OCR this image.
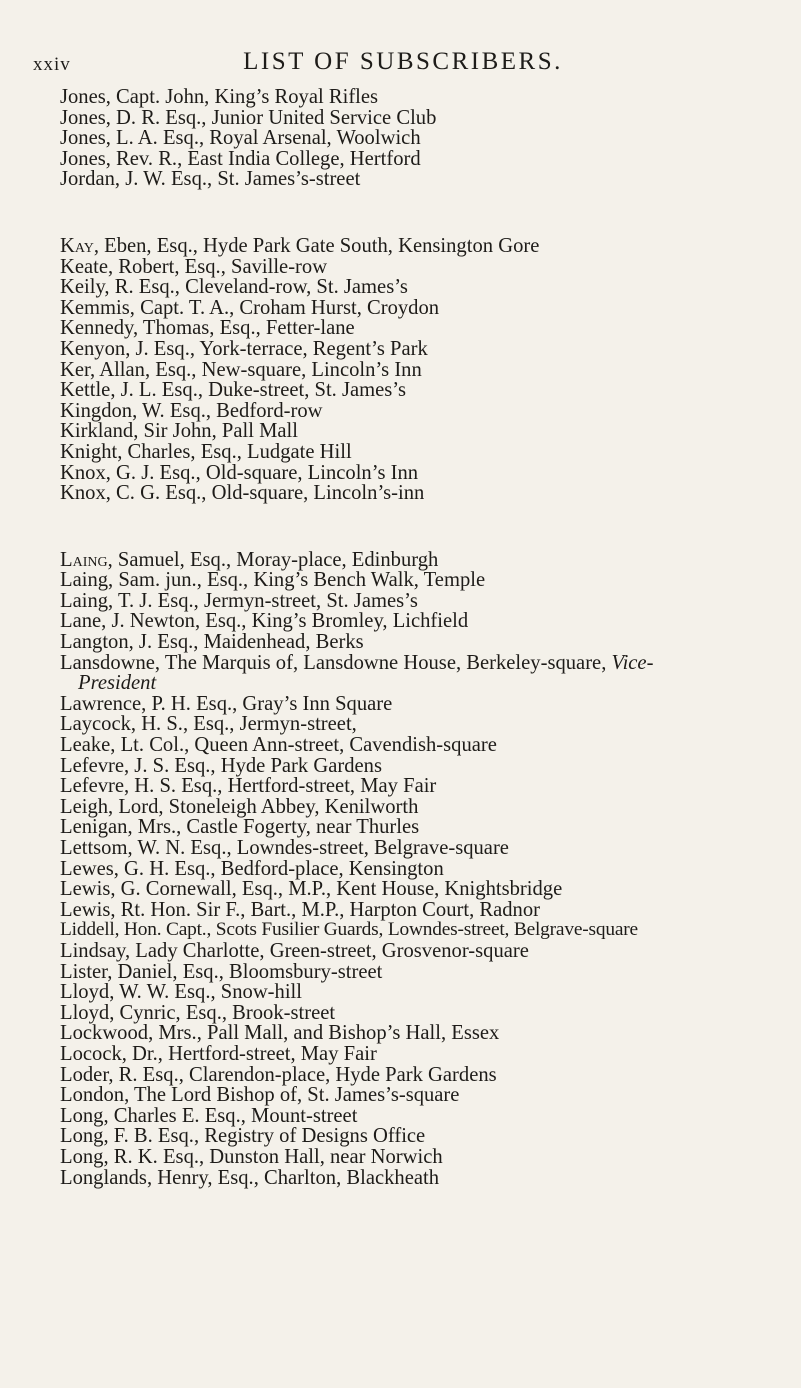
xxiv	LIST OF SUBSCRIBERS.
Jones, Capt. John, King’s Royal Rifles
Jones, D. R. Esq., Junior United Service Club
Jones, L. A. Esq., Royal Arsenal, Woolwich
Jones, Rev. R., East India College, Hertford
Jordan, J. W. Esq., St. James’s-street
Kay, Eben, Esq., Hyde Park Gate South, Kensington Gore
Keate, Robert, Esq., Saville-row
Keily, R. Esq., Cleveland-row, St. James’s
Kemmis, Capt. T. A., Croham Hurst, Croydon
Kennedy, Thomas, Esq., Fetter-lane
Kenyon, J. Esq., York-terrace, Regent’s Park
Ker, Allan, Esq., New-square, Lincoln’s Inn
Kettle, J. L. Esq., Duke-street, St. James’s
Kingdon, W. Esq., Bedford-row
Kirkland, Sir John, Pall Mall
Knight, Charles, Esq., Ludgate Hill
Knox, G. J. Esq., Old-square, Lincoln’s Inn
Knox, C. G. Esq., Old-square, Lincoln’s-inn
Laing, Samuel, Esq., Moray-place, Edinburgh
Laing, Sam. jun., Esq., King’s Bench Walk, Temple
Laing, T. J. Esq., Jermyn-street, St. James’s
Lane, J. Newton, Esq., King’s Bromley, Lichfield
Langton, J. Esq., Maidenhead, Berks
Lansdowne, The Marquis of, Lansdowne House, Berkeley-square, Vice-
President
Lawrence, P. H. Esq., Gray’s Inn Square
Laycock, H. S., Esq., Jermyn-street,
Leake, Lt. Col., Queen Ann-street, Cavendish-square
Lefevre, J. S. Esq., Hyde Park Gardens
Lefevre, H. S. Esq., Hertford-street, May Fair
Leigh, Lord, Stoneleigh Abbey, Kenilworth
Lenigan, Mrs., Castle Fogerty, near Thurles
Lettsom, W. N. Esq., Lowndes-street, Belgrave-square
Lewes, G. H. Esq., Bedford-place, Kensington
Lewis, G. Cornewall, Esq., M.P., Kent House, Knightsbridge
Lewis, Rt. Hon. Sir F., Bart., M.P., Harpton Court, Radnor
Liddell, Hon. Capt., Scots Fusilier Guards, Lowndes-street, Belgrave-square
Lindsay, Lady Charlotte, Green-street, Grosvenor-square
Lister, Daniel, Esq., Bloomsbury-street
Lloyd, W. W. Esq., Snow-hill
Lloyd, Cynric, Esq., Brook-street
Lockwood, Mrs., Pall Mall, and Bishop’s Hall, Essex
Locock, Dr., Hertford-street, May Fair
Loder, R. Esq., Clarendon-place, Hyde Park Gardens
London, The Lord Bishop of, St. James’s-square
Long, Charles E. Esq., Mount-street
Long, F. B. Esq., Registry of Designs Office
Long, R. K. Esq., Dunston Hall, near Norwich
Longlands, Henry, Esq., Charlton, Blackheath
